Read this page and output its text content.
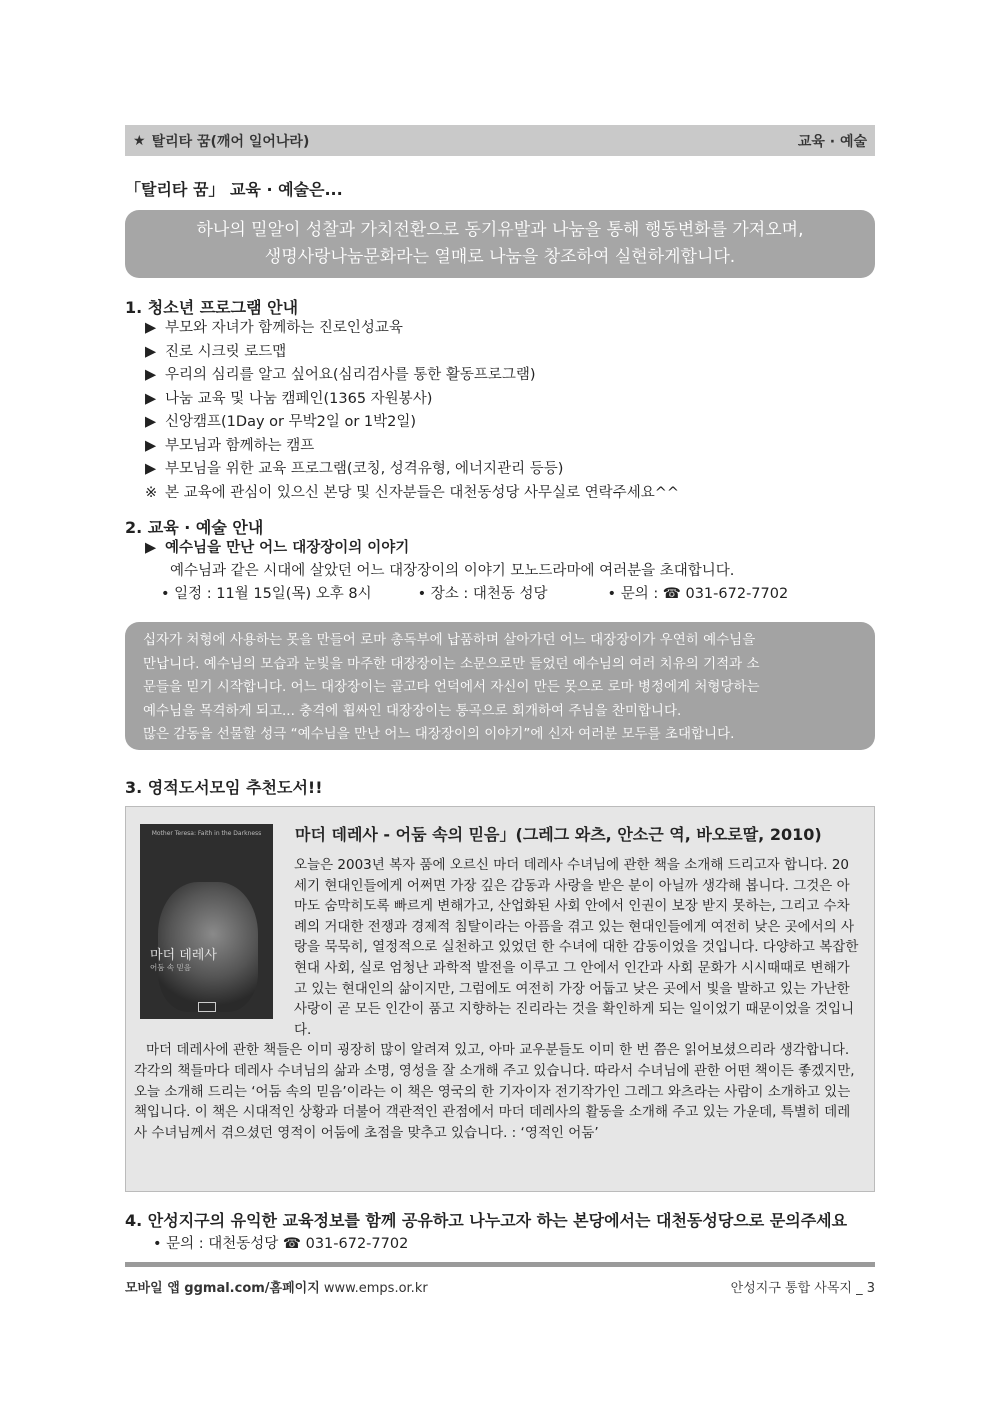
★ 탈리타 꿈(깨어 일어나라)	교육 · 예술
「탈리타 꿈」 교육 · 예술은...
하나의 밀알이 성찰과 가치전환으로 동기유발과 나눔을 통해 행동변화를 가져오며,
생명사랑나눔문화라는 열매로 나눔을 창조하여 실현하게합니다.
1. 청소년 프로그램 안내
▶ 부모와 자녀가 함께하는 진로인성교육
▶ 진로 시크릿 로드맵
▶ 우리의 심리를 알고 싶어요(심리검사를 통한 활동프로그램)
▶ 나눔 교육 및 나눔 캠페인(1365 자원봉사)
▶ 신앙캠프(1Day or 무박2일 or 1박2일)
▶ 부모님과 함께하는 캠프
▶ 부모님을 위한 교육 프로그램(코칭, 성격유형, 에너지관리 등등)
※ 본 교육에 관심이 있으신 본당 및 신자분들은 대천동성당 사무실로 연락주세요^^
2. 교육 · 예술 안내
▶ 예수님을 만난 어느 대장장이의 이야기
예수님과 같은 시대에 살았던 어느 대장장이의 이야기 모노드라마에 여러분을 초대합니다.
• 일정 : 11월 15일(목) 오후 8시	• 장소 : 대천동 성당	• 문의 : ☎ 031-672-7702
십자가 처형에 사용하는 못을 만들어 로마 총독부에 납품하며 살아가던 어느 대장장이가 우연히 예수님을
만납니다. 예수님의 모습과 눈빛을 마주한 대장장이는 소문으로만 들었던 예수님의 여러 치유의 기적과 소
문들을 믿기 시작합니다. 어느 대장장이는 골고타 언덕에서 자신이 만든 못으로 로마 병정에게 처형당하는
예수님을 목격하게 되고... 충격에 휩싸인 대장장이는 통곡으로 회개하여 주님을 찬미합니다.
많은 감동을 선물할 성극 “예수님을 만난 어느 대장장이의 이야기”에 신자 여러분 모두를 초대합니다.
3. 영적도서모임 추천도서!!
Mother Teresa: Faith in the Darkness
마더 데레사
어둠 속 믿음
마더 데레사 - 어둠 속의 믿음」(그레그 와츠, 안소근 역, 바오로딸, 2010)
오늘은 2003년 복자 품에 오르신 마더 데레사 수녀님에 관한 책을 소개해 드리고자 합니다. 20세기 현대인들에게 어쩌면 가장 깊은 감동과 사랑을 받은 분이 아닐까 생각해 봅니다. 그것은 아마도 숨막히도록 빠르게 변해가고, 산업화된 사회 안에서 인권이 보장 받지 못하는, 그리고 수차례의 거대한 전쟁과 경제적 침탈이라는 아픔을 겪고 있는 현대인들에게 여전히 낮은 곳에서의 사랑을 묵묵히, 열정적으로 실천하고 있었던 한 수녀에 대한 감동이었을 것입니다. 다양하고 복잡한 현대 사회, 실로 엄청난 과학적 발전을 이루고 그 안에서 인간과 사회 문화가 시시때때로 변해가고 있는 현대인의 삶이지만, 그럼에도 여전히 가장 어둡고 낮은 곳에서 빛을 발하고 있는 가난한 사랑이 곧 모든 인간이 품고 지향하는 진리라는 것을 확인하게 되는 일이었기 때문이었을 것입니다.
마더 데레사에 관한 책들은 이미 굉장히 많이 알려져 있고, 아마 교우분들도 이미 한 번 쯤은 읽어보셨으리라 생각합니다. 각각의 책들마다 데레사 수녀님의 삶과 소명, 영성을 잘 소개해 주고 있습니다. 따라서 수녀님에 관한 어떤 책이든 좋겠지만, 오늘 소개해 드리는 ‘어둠 속의 믿음’이라는 이 책은 영국의 한 기자이자 전기작가인 그레그 와츠라는 사람이 소개하고 있는 책입니다. 이 책은 시대적인 상황과 더불어 객관적인 관점에서 마더 데레사의 활동을 소개해 주고 있는 가운데, 특별히 데레사 수녀님께서 겪으셨던 영적이 어둠에 초점을 맞추고 있습니다. : ‘영적인 어둠’
4. 안성지구의 유익한 교육정보를 함께 공유하고 나누고자 하는 본당에서는 대천동성당으로 문의주세요
• 문의 : 대천동성당 ☎ 031-672-7702
모바일 앱 ggmal.com/홈페이지 www.emps.or.kr	안성지구 통합 사목지 _ 3
